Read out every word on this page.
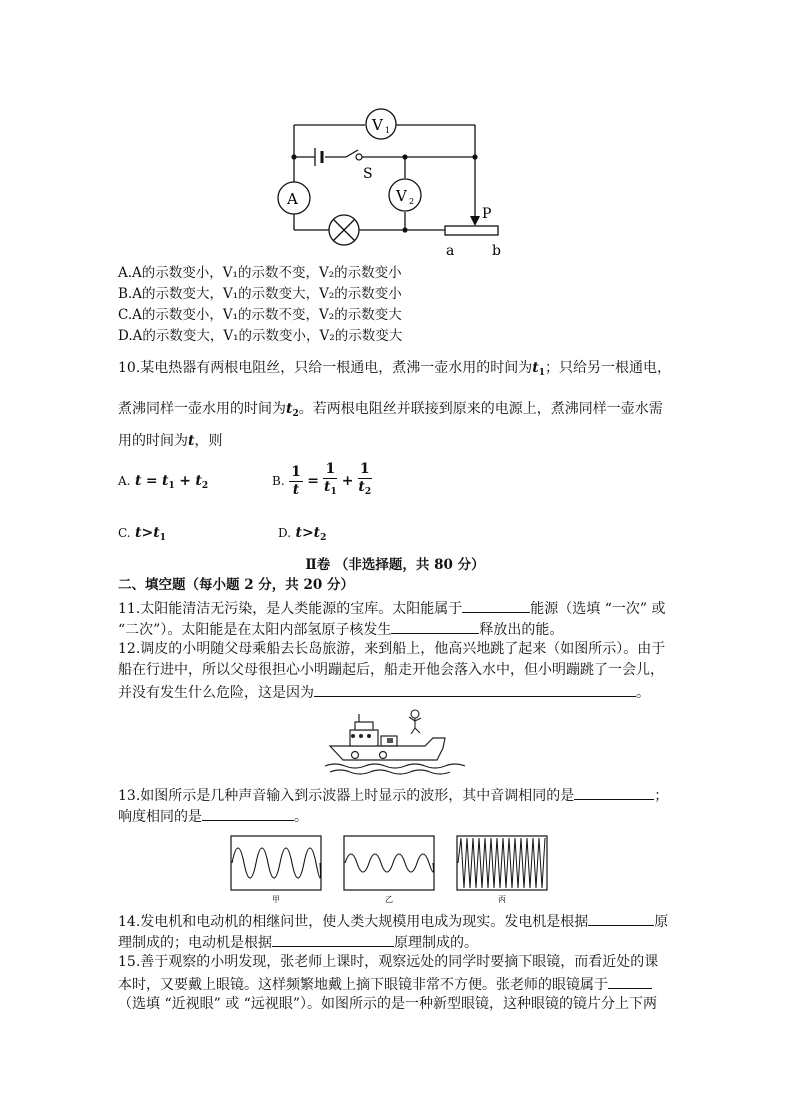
V 1
A	V 2
S
P
a	b
A.A的示数变小，V₁的示数不变，V₂的示数变小
B.A的示数变大，V₁的示数变大，V₂的示数变小
C.A的示数变小，V₁的示数不变，V₂的示数变大
D.A的示数变大，V₁的示数变小，V₂的示数变大
10.某电热器有两根电阻丝，只给一根通电，煮沸一壶水用的时间为$t_1$；只给另一根通电，
煮沸同样一壶水用的时间为$t_2$。若两根电阻丝并联接到原来的电源上，煮沸同样一壶水需
用的时间为t，则
A. $t = t_1 + t_2$	B. $\frac{1}{t} = \frac{1}{t_1} + \frac{1}{t_2}$
C. $t>t_1$	D. $t>t_2$
Ⅱ卷 （非选择题，共 80 分）
二、填空题（每小题 2 分，共 20 分）
11.太阳能清洁无污染，是人类能源的宝库。太阳能属于	能源（选填 “一次” 或
“二次”）。太阳能是在太阳内部氢原子核发生	释放出的能。
12.调皮的小明随父母乘船去长岛旅游，来到船上，他高兴地跳了起来（如图所示）。由于
船在行进中，所以父母很担心小明蹦起后，船走开他会落入水中，但小明蹦跳了一会儿，
并没有发生什么危险，这是因为	。
13.如图所示是几种声音输入到示波器上时显示的波形，其中音调相同的是	；
响度相同的是	。
甲	乙	丙
14.发电机和电动机的相继问世，使人类大规模用电成为现实。发电机是根据	原
理制成的；电动机是根据	原理制成的。
15.善于观察的小明发现，张老师上课时，观察远处的同学时要摘下眼镜，而看近处的课
本时，又要戴上眼镜。这样频繁地戴上摘下眼镜非常不方便。张老师的眼镜属于
（选填 “近视眼” 或 “远视眼”）。如图所示的是一种新型眼镜，这种眼镜的镜片分上下两
